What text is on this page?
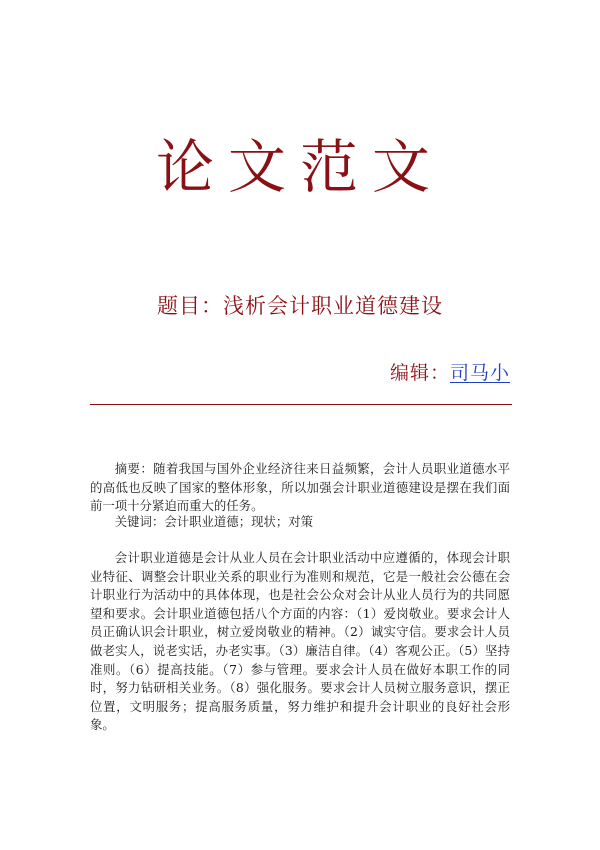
论文范文
题目：浅析会计职业道德建设
编辑：司马小
摘要：随着我国与国外企业经济往来日益频繁，会计人员职业道德水平的高低也反映了国家的整体形象，所以加强会计职业道德建设是摆在我们面前一项十分紧迫而重大的任务。
关键词：会计职业道德；现状；对策
会计职业道德是会计从业人员在会计职业活动中应遵循的，体现会计职业特征、调整会计职业关系的职业行为准则和规范，它是一般社会公德在会计职业行为活动中的具体体现，也是社会公众对会计从业人员行为的共同愿望和要求。会计职业道德包括八个方面的内容：（1）爱岗敬业。要求会计人员正确认识会计职业，树立爱岗敬业的精神。（2）诚实守信。要求会计人员做老实人，说老实话，办老实事。（3）廉洁自律。（4）客观公正。（5）坚持准则。（6）提高技能。（7）参与管理。要求会计人员在做好本职工作的同时，努力钻研相关业务。（8）强化服务。要求会计人员树立服务意识，摆正位置，文明服务；提高服务质量，努力维护和提升会计职业的良好社会形象。
